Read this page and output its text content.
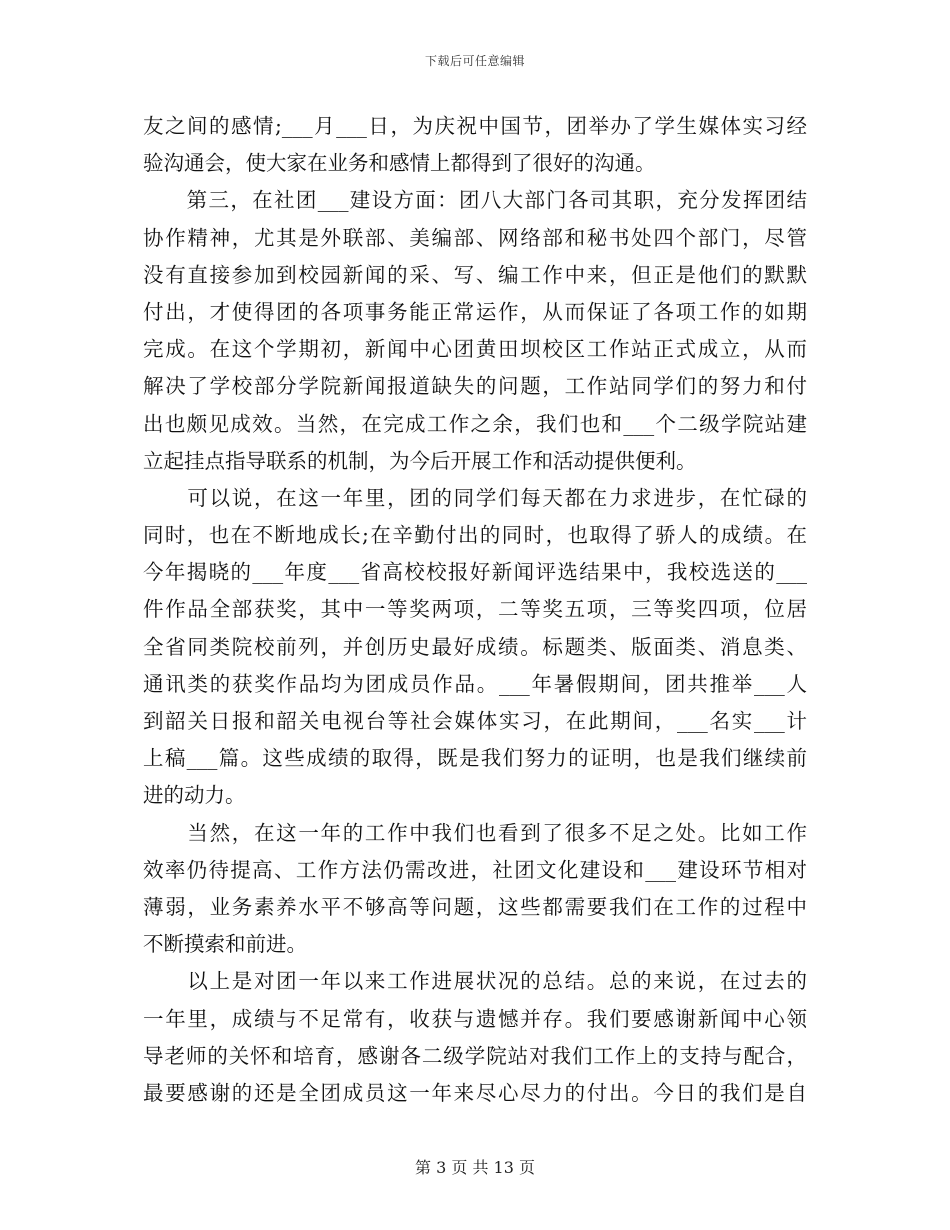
下载后可任意编辑
友之间的感情;___月___日，为庆祝中国节，团举办了学生媒体实习经
验沟通会，使大家在业务和感情上都得到了很好的沟通。
　　第三，在社团___建设方面：团八大部门各司其职，充分发挥团结
协作精神，尤其是外联部、美编部、网络部和秘书处四个部门，尽管
没有直接参加到校园新闻的采、写、编工作中来，但正是他们的默默
付出，才使得团的各项事务能正常运作，从而保证了各项工作的如期
完成。在这个学期初，新闻中心团黄田坝校区工作站正式成立，从而
解决了学校部分学院新闻报道缺失的问题，工作站同学们的努力和付
出也颇见成效。当然，在完成工作之余，我们也和___个二级学院站建
立起挂点指导联系的机制，为今后开展工作和活动提供便利。
　　可以说，在这一年里，团的同学们每天都在力求进步，在忙碌的
同时，也在不断地成长;在辛勤付出的同时，也取得了骄人的成绩。在
今年揭晓的___年度___省高校校报好新闻评选结果中，我校选送的___
件作品全部获奖，其中一等奖两项，二等奖五项，三等奖四项，位居
全省同类院校前列，并创历史最好成绩。标题类、版面类、消息类、
通讯类的获奖作品均为团成员作品。___年暑假期间，团共推举___人
到韶关日报和韶关电视台等社会媒体实习，在此期间，___名实___计
上稿___篇。这些成绩的取得，既是我们努力的证明，也是我们继续前
进的动力。
　　当然，在这一年的工作中我们也看到了很多不足之处。比如工作
效率仍待提高、工作方法仍需改进，社团文化建设和___建设环节相对
薄弱，业务素养水平不够高等问题，这些都需要我们在工作的过程中
不断摸索和前进。
　　以上是对团一年以来工作进展状况的总结。总的来说，在过去的
一年里，成绩与不足常有，收获与遗憾并存。我们要感谢新闻中心领
导老师的关怀和培育，感谢各二级学院站对我们工作上的支持与配合，
最要感谢的还是全团成员这一年来尽心尽力的付出。今日的我们是自
第 3 页 共 13 页
